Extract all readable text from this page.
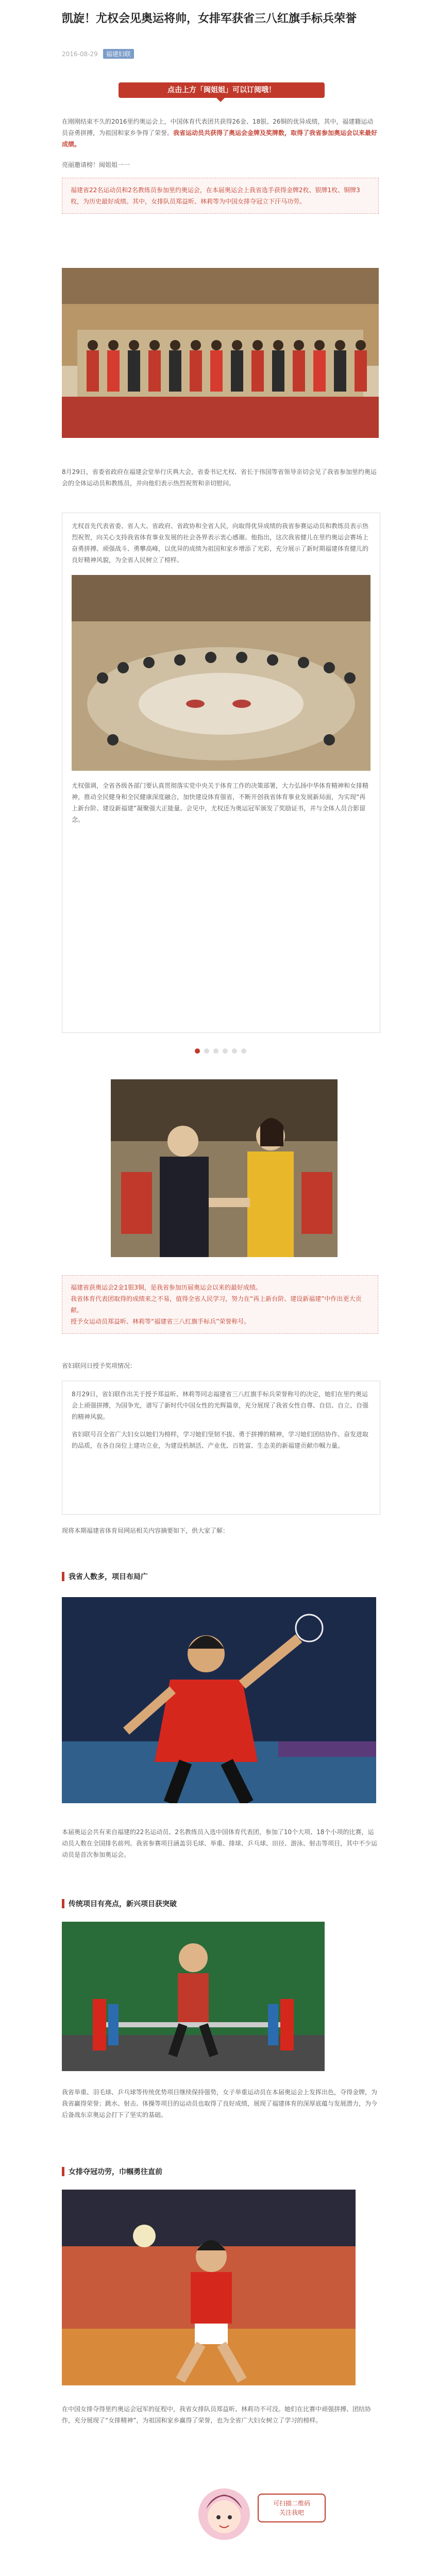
凯旋！尤权会见奥运将帅，女排军获省三八红旗手标兵荣誉
2016-08-29	福建妇联
点击上方「闽姐姐」可以订阅哦！

在刚刚结束不久的2016里约奥运会上，中国体育代表团共获得26金、18银、26铜的优异成绩，其中，福建籍运动员奋勇拼搏，为祖国和家乡争得了荣誉。我省运动员共获得了奥运会金牌及奖牌数，取得了我省参加奥运会以来最好成绩。

亮丽邀请榜！闽姐姐一一

福建省22名运动员和2名教练员参加里约奥运会，在本届奥运会上我省选手获得金牌2枚、银牌1枚、铜牌3枚，为历史最好成绩。其中，女排队员郑益昕、林莉等为中国女排夺冠立下汗马功劳。

8月29日，省委省政府在福建会堂举行庆典大会，省委书记尤权、省长于伟国等省领导亲切会见了我省参加里约奥运会的全体运动员和教练员，并向他们表示热烈祝贺和亲切慰问。

尤权首先代表省委、省人大、省政府、省政协和全省人民，向取得优异成绩的我省参赛运动员和教练员表示热烈祝贺，向关心支持我省体育事业发展的社会各界表示衷心感谢。他指出，这次我省健儿在里约奥运会赛场上奋勇拼搏、顽强战斗、勇攀高峰，以优异的成绩为祖国和家乡增添了光彩，充分展示了新时期福建体育健儿的良好精神风貌，为全省人民树立了榜样。

尤权强调，全省各级各部门要认真贯彻落实党中央关于体育工作的决策部署，大力弘扬中华体育精神和女排精神，推动全民健身和全民健康深度融合，加快建设体育强省，不断开创我省体育事业发展新局面，为实现“再上新台阶、建设新福建”凝聚强大正能量。会见中，尤权还为奥运冠军颁发了奖励证书，并与全体人员合影留念。

福建省获奥运会2金1银3铜，是我省参加历届奥运会以来的最好成绩。
我省体育代表团取得的成绩来之不易，值得全省人民学习，努力在“再上新台阶、建设新福建”中作出更大贡献。
授予女运动员郑益昕、林莉等“福建省三八红旗手标兵”荣誉称号。

省妇联同日授予奖项情况：

8月29日，省妇联作出关于授予郑益昕、林莉等同志福建省三八红旗手标兵荣誉称号的决定，她们在里约奥运会上顽强拼搏，为国争光，谱写了新时代中国女性的光辉篇章，充分展现了我省女性自尊、自信、自立、自强的精神风貌。

省妇联号召全省广大妇女以她们为榜样，学习她们坚韧不拔、勇于拼搏的精神，学习她们团结协作、奋发进取的品质，在各自岗位上建功立业，为建设机制活、产业优、百姓富、生态美的新福建贡献巾帼力量。

现将本期福建省体育局网站相关内容摘要如下，供大家了解：

我省人数多，项目布局广

本届奥运会共有来自福建的22名运动员、2名教练员入选中国体育代表团，参加了10个大项、18个小项的比赛，运动员人数在全国排名前列。我省参赛项目涵盖羽毛球、举重、排球、乒乓球、田径、游泳、射击等项目，其中不少运动员是首次参加奥运会。

传统项目有亮点，新兴项目获突破

我省举重、羽毛球、乒乓球等传统优势项目继续保持强势，女子举重运动员在本届奥运会上发挥出色，夺得金牌，为我省赢得荣誉；跳水、射击、体操等项目的运动员也取得了良好成绩，展现了福建体育的深厚底蕴与发展潜力，为今后备战东京奥运会打下了坚实的基础。

女排夺冠功劳，巾帼勇往直前

在中国女排夺得里约奥运会冠军的征程中，我省女排队员郑益昕、林莉功不可没。她们在比赛中顽强拼搏、团结协作，充分展现了“女排精神”，为祖国和家乡赢得了荣誉，也为全省广大妇女树立了学习的榜样。

可扫描二维码
关注我吧
